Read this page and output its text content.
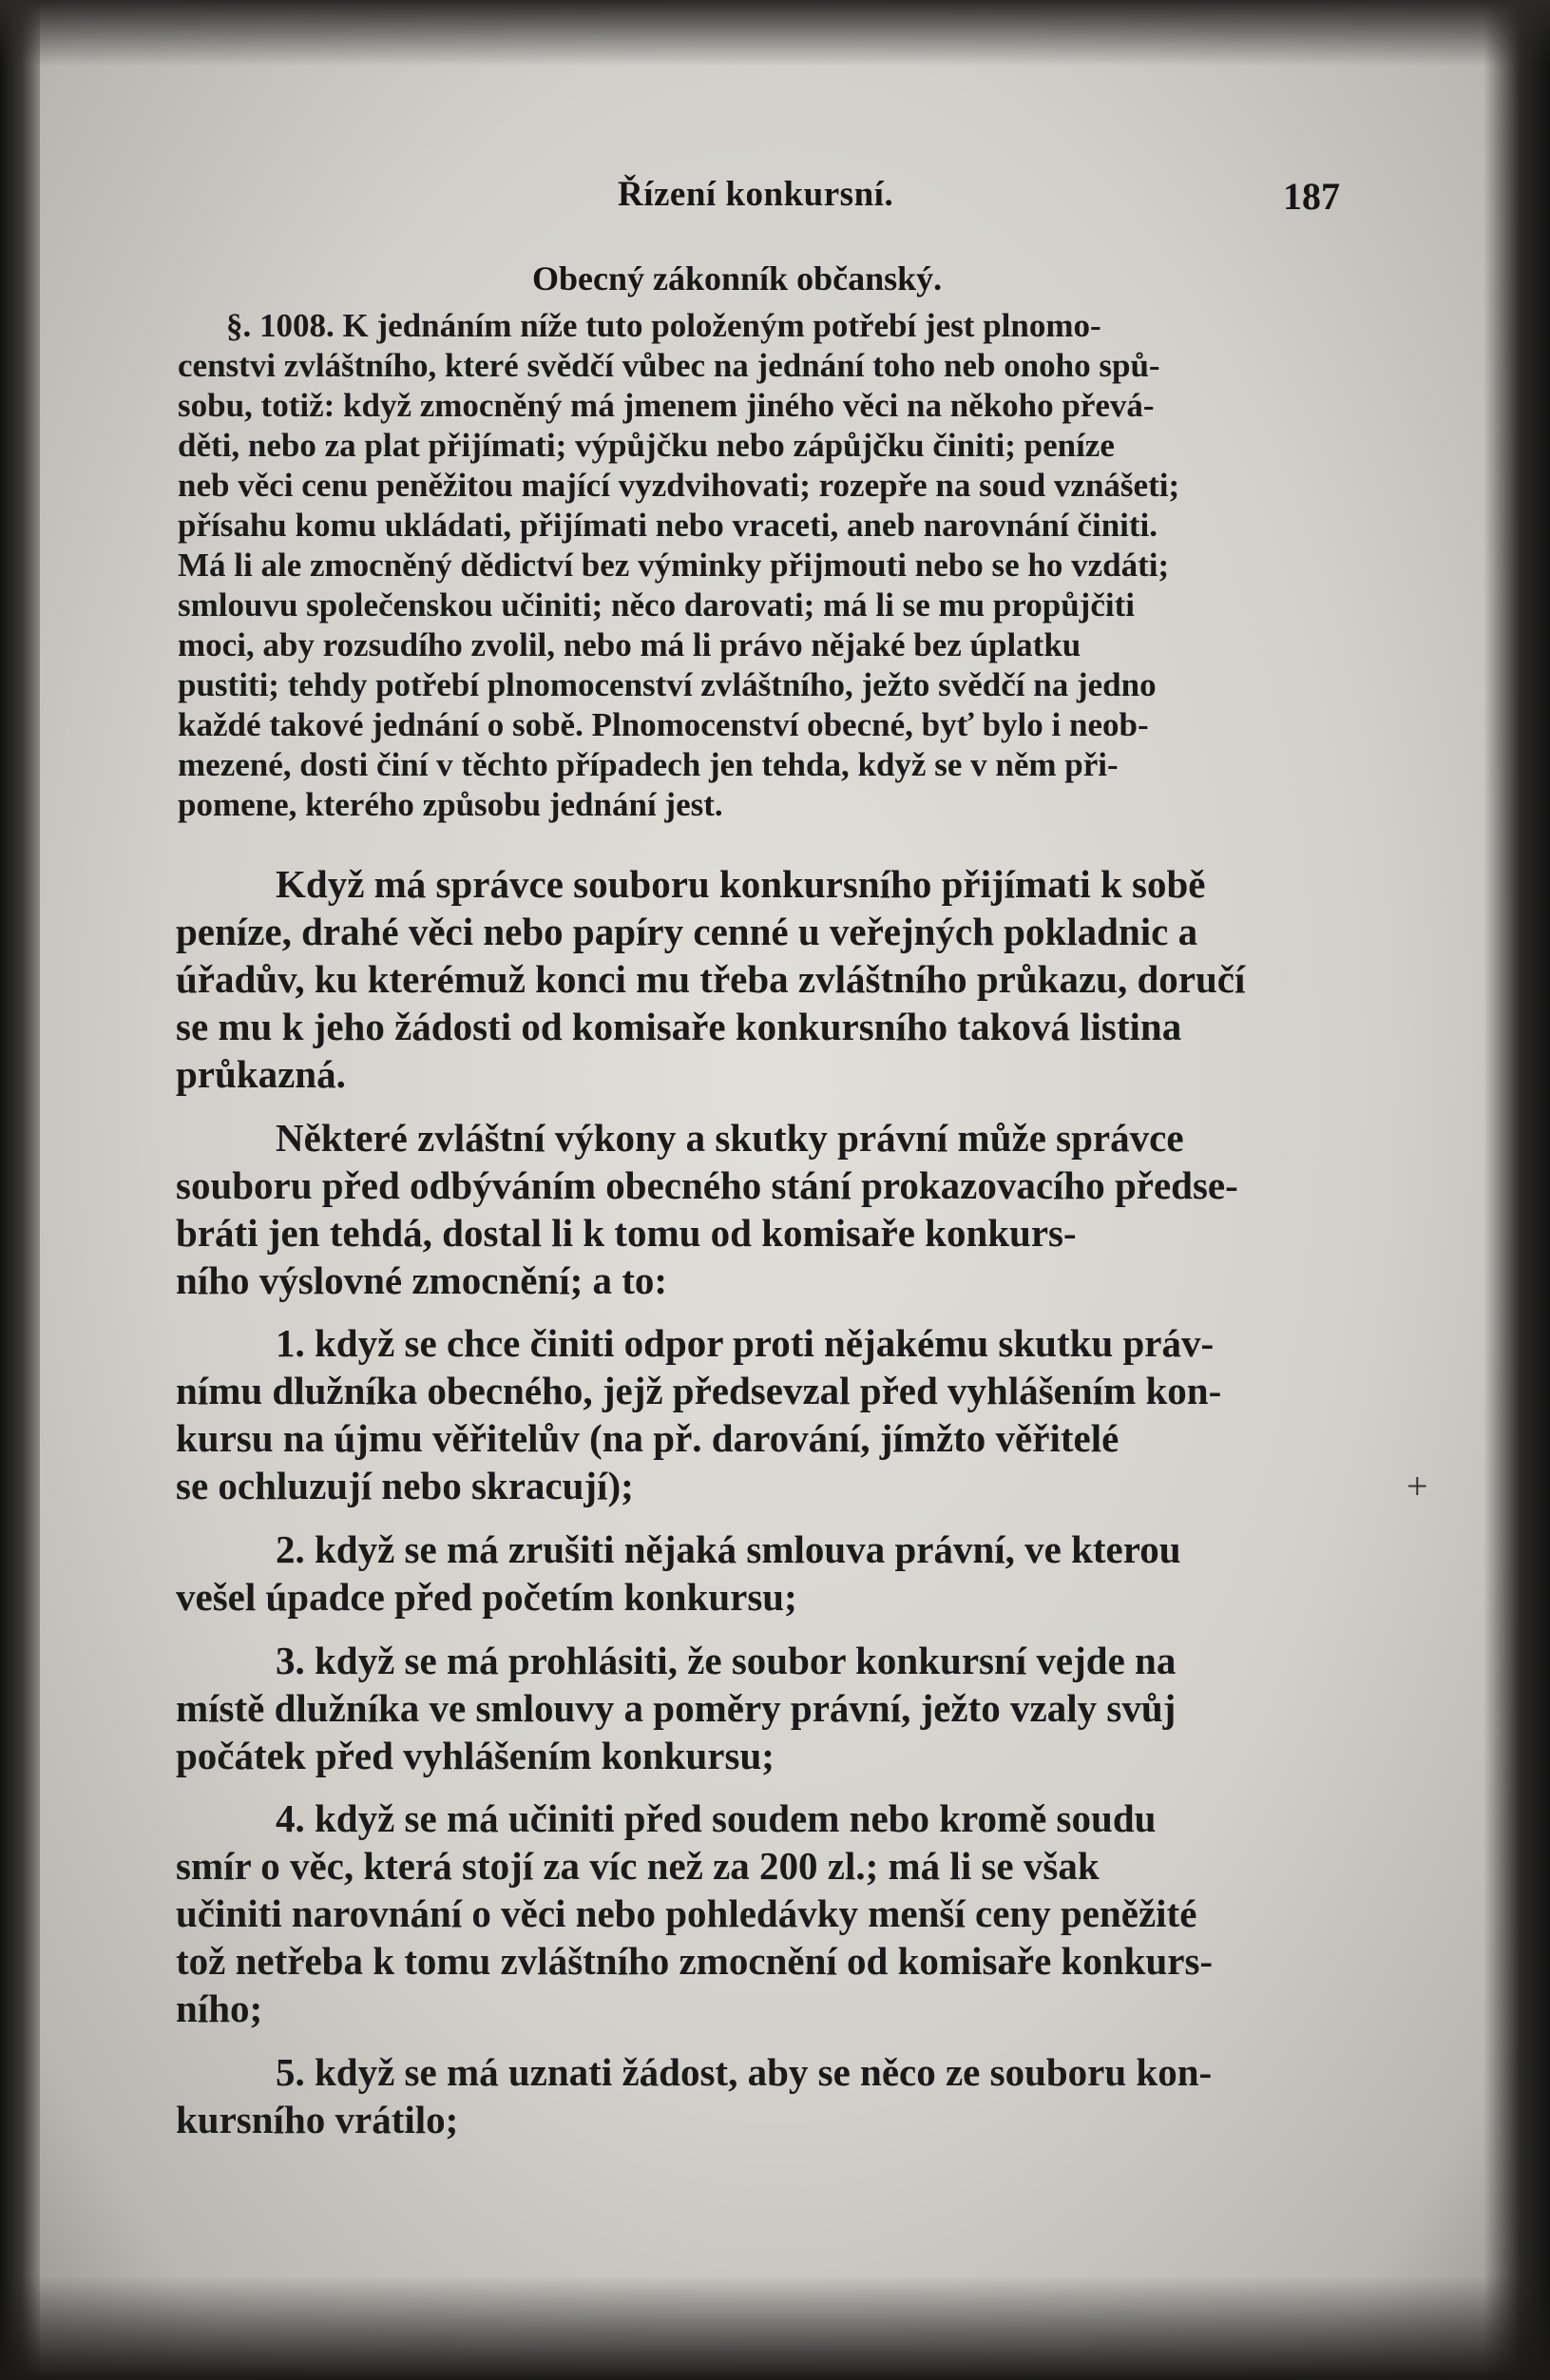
Řízení konkursní.	187
Obecný zákonník občanský.
§. 1008. K jednáním níže tuto položeným potřebí jest plnomo-
censtvi zvláštního, které svědčí vůbec na jednání toho neb onoho spů-
sobu, totiž: když zmocněný má jmenem jiného věci na někoho převá-
děti, nebo za plat přijímati; výpůjčku nebo zápůjčku činiti; peníze
neb věci cenu peněžitou mající vyzdvihovati; rozepře na soud vznášeti;
přísahu komu ukládati, přijímati nebo vraceti, aneb narovnání činiti.
Má li ale zmocněný dědictví bez výminky přijmouti nebo se ho vzdáti;
smlouvu společenskou učiniti; něco darovati; má li se mu propůjčiti
moci, aby rozsudího zvolil, nebo má li právo nějaké bez úplatku
pustiti; tehdy potřebí plnomocenství zvláštního, ježto svědčí na jedno
každé takové jednání o sobě. Plnomocenství obecné, byť bylo i neob-
mezené, dosti činí v těchto případech jen tehda, když se v něm při-
pomene, kterého způsobu jednání jest.
Když má správce souboru konkursního přijímati k sobě
peníze, drahé věci nebo papíry cenné u veřejných pokladnic a
úřadův, ku kterémuž konci mu třeba zvláštního průkazu, doručí
se mu k jeho žádosti od komisaře konkursního taková listina
průkazná.
Některé zvláštní výkony a skutky právní může správce
souboru před odbýváním obecného stání prokazovacího předse-
bráti jen tehdá, dostal li k tomu od komisaře konkurs-
ního výslovné zmocnění; a to:
1. když se chce činiti odpor proti nějakému skutku práv-
nímu dlužníka obecného, jejž předsevzal před vyhlášením kon-
kursu na újmu věřitelův (na př. darování, jímžto věřitelé
se ochluzují nebo skracují);
2. když se má zrušiti nějaká smlouva právní, ve kterou
vešel úpadce před početím konkursu;
3. když se má prohlásiti, že soubor konkursní vejde na
místě dlužníka ve smlouvy a poměry právní, ježto vzaly svůj
počátek před vyhlášením konkursu;
4. když se má učiniti před soudem nebo kromě soudu
smír o věc, která stojí za víc než za 200 zl.; má li se však
učiniti narovnání o věci nebo pohledávky menší ceny peněžité
tož netřeba k tomu zvláštního zmocnění od komisaře konkurs-
ního;
5. když se má uznati žádost, aby se něco ze souboru kon-
kursního vrátilo;
+
